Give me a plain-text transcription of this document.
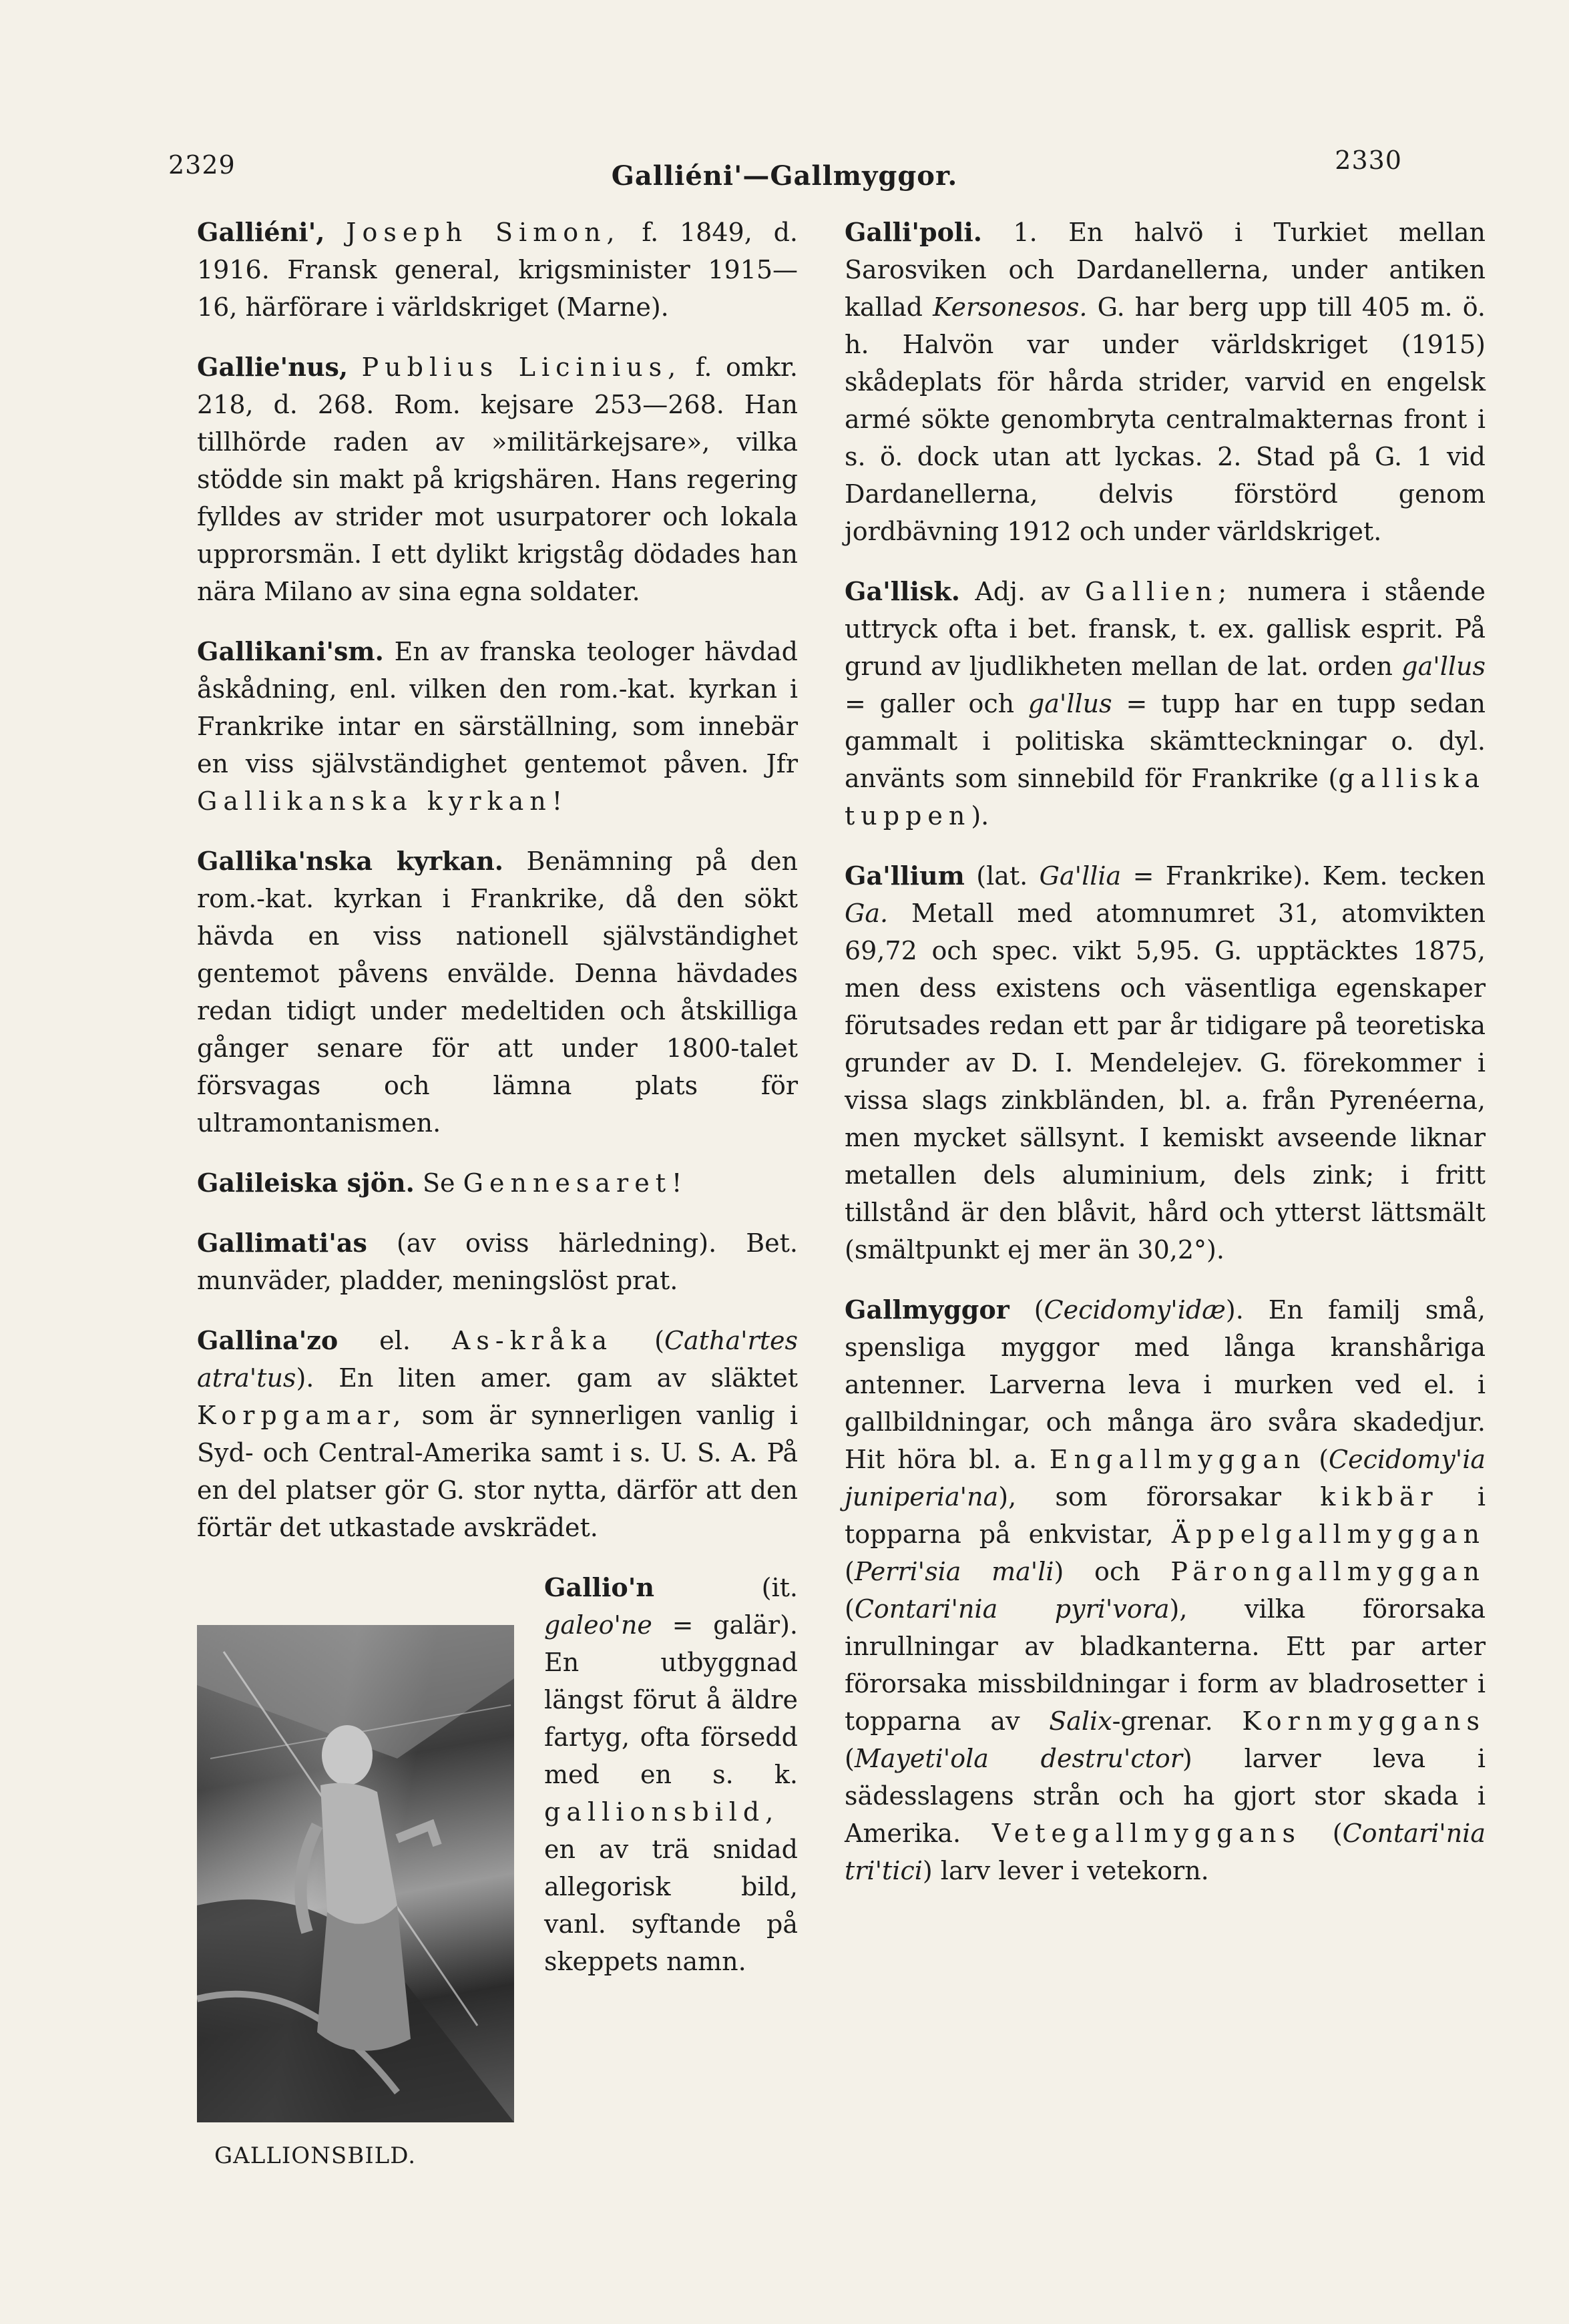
2329	Galliéni'—Gallmyggor.	2330

Galliéni', Joseph Simon, f. 1849, d. 1916. Fransk general, krigsminister 1915—16, härförare i världskriget (Marne).

Gallie'nus, Publius Licinius, f. omkr. 218, d. 268. Rom. kejsare 253—268. Han tillhörde raden av »militärkejsare», vilka stödde sin makt på krigshären. Hans regering fylldes av strider mot usurpatorer och lokala upprorsmän. I ett dylikt krigståg dödades han nära Milano av sina egna soldater.

Gallikani'sm. En av franska teologer hävdad åskådning, enl. vilken den rom.-kat. kyrkan i Frankrike intar en särställning, som innebär en viss självständighet gentemot påven. Jfr Gallikanska kyrkan!

Gallika'nska kyrkan. Benämning på den rom.-kat. kyrkan i Frankrike, då den sökt hävda en viss nationell självständighet gentemot påvens envälde. Denna hävdades redan tidigt under medeltiden och åtskilliga gånger senare för att under 1800-talet försvagas och lämna plats för ultramontanismen.

Galileiska sjön. Se Gennesaret!

Gallimati'as (av oviss härledning). Bet. munväder, pladder, meningslöst prat.

Gallina'zo el. As-kråka (Catha'rtes atra'tus). En liten amer. gam av släktet Korpgamar, som är synnerligen vanlig i Syd- och Central-Amerika samt i s. U. S. A. På en del platser gör G. stor nytta, därför att den förtär det utkastade avskrädet.

GALLIONSBILD.

Gallio'n (it. galeo'ne = galär). En utbyggnad längst förut å äldre fartyg, ofta försedd med en s. k. gallionsbild, en av trä snidad allegorisk bild, vanl. syftande på skeppets namn.

Galli'poli. 1. En halvö i Turkiet mellan Sarosviken och Dardanellerna, under antiken kallad Kersonesos. G. har berg upp till 405 m. ö. h. Halvön var under världskriget (1915) skådeplats för hårda strider, varvid en engelsk armé sökte genombryta centralmakternas front i s. ö. dock utan att lyckas. 2. Stad på G. 1 vid Dardanellerna, delvis förstörd genom jordbävning 1912 och under världskriget.

Ga'llisk. Adj. av Gallien; numera i stående uttryck ofta i bet. fransk, t. ex. gallisk esprit. På grund av ljudlikheten mellan de lat. orden ga'llus = galler och ga'llus = tupp har en tupp sedan gammalt i politiska skämtteckningar o. dyl. använts som sinnebild för Frankrike (galliska tuppen).

Ga'llium (lat. Ga'llia = Frankrike). Kem. tecken Ga. Metall med atomnumret 31, atomvikten 69,72 och spec. vikt 5,95. G. upptäcktes 1875, men dess existens och väsentliga egenskaper förutsades redan ett par år tidigare på teoretiska grunder av D. I. Mendelejev. G. förekommer i vissa slags zinkbländen, bl. a. från Pyrenéerna, men mycket sällsynt. I kemiskt avseende liknar metallen dels aluminium, dels zink; i fritt tillstånd är den blåvit, hård och ytterst lättsmält (smältpunkt ej mer än 30,2°).

Gallmyggor (Cecidomy'idæ). En familj små, spensliga myggor med långa kranshåriga antenner. Larverna leva i murken ved el. i gallbildningar, och många äro svåra skadedjur. Hit höra bl. a. Engallmyggan (Cecidomy'ia juniperia'na), som förorsakar kikbär i topparna på enkvistar, Äppelgallmyggan (Perri'sia ma'li) och Pärongallmyggan (Contari'nia pyri'vora), vilka förorsaka inrullningar av bladkanterna. Ett par arter förorsaka missbildningar i form av bladrosetter i topparna av Salix-grenar. Kornmyggans (Mayeti'ola destru'ctor) larver leva i sädesslagens strån och ha gjort stor skada i Amerika. Vetegallmyggans (Contari'nia tri'tici) larv lever i vetekorn.
